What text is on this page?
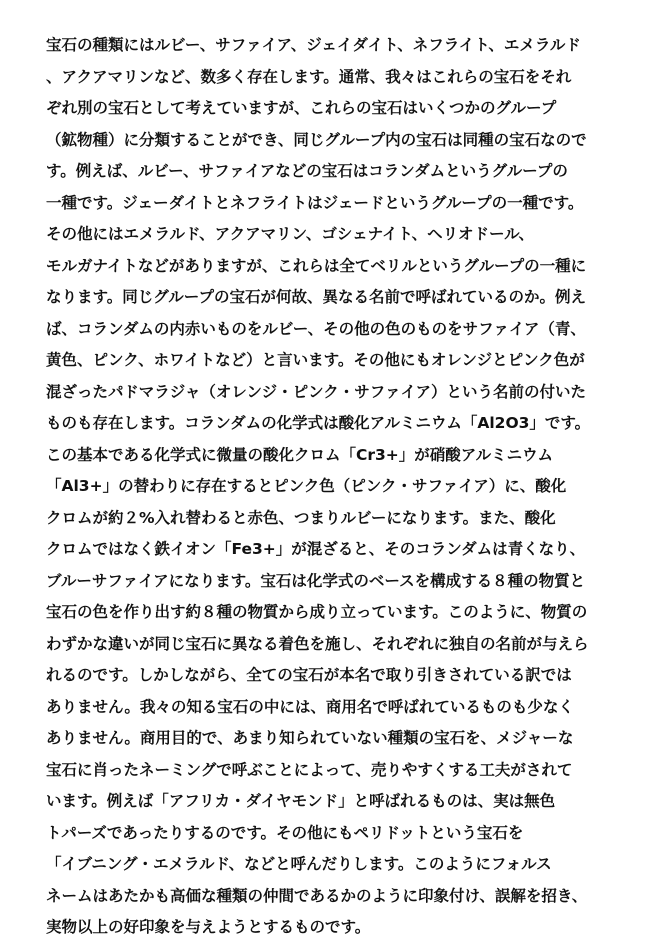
宝石の種類にはルビー、サファイア、ジェイダイト、ネフライト、エメラルド
、アクアマリンなど、数多く存在します。通常、我々はこれらの宝石をそれ
ぞれ別の宝石として考えていますが、これらの宝石はいくつかのグループ
（鉱物種）に分類することができ、同じグループ内の宝石は同種の宝石なので
す。例えば、ルビー、サファイアなどの宝石はコランダムというグループの
一種です。ジェーダイトとネフライトはジェードというグループの一種です。
その他にはエメラルド、アクアマリン、ゴシェナイト、ヘリオドール、
モルガナイトなどがありますが、これらは全てベリルというグループの一種に
なります。同じグループの宝石が何故、異なる名前で呼ばれているのか。例え
ば、コランダムの内赤いものをルビー、その他の色のものをサファイア（青、
黄色、ピンク、ホワイトなど）と言います。その他にもオレンジとピンク色が
混ざったパドマラジャ（オレンジ・ピンク・サファイア）という名前の付いた
ものも存在します。コランダムの化学式は酸化アルミニウム「Al2O3」です。
この基本である化学式に微量の酸化クロム「Cr3+」が硝酸アルミニウム
「Al3+」の替わりに存在するとピンク色（ピンク・サファイア）に、酸化
クロムが約２%入れ替わると赤色、つまりルビーになります。また、酸化
クロムではなく鉄イオン「Fe3+」が混ざると、そのコランダムは青くなり、
ブルーサファイアになります。宝石は化学式のベースを構成する８種の物質と
宝石の色を作り出す約８種の物質から成り立っています。このように、物質の
わずかな違いが同じ宝石に異なる着色を施し、それぞれに独自の名前が与えら
れるのです。しかしながら、全ての宝石が本名で取り引きされている訳では
ありません。我々の知る宝石の中には、商用名で呼ばれているものも少なく
ありません。商用目的で、あまり知られていない種類の宝石を、メジャーな
宝石に肖ったネーミングで呼ぶことによって、売りやすくする工夫がされて
います。例えば「アフリカ・ダイヤモンド」と呼ばれるものは、実は無色
トパーズであったりするのです。その他にもペリドットという宝石を
「イブニング・エメラルド、などと呼んだりします。このようにフォルス
ネームはあたかも高価な種類の仲間であるかのように印象付け、誤解を招き、
実物以上の好印象を与えようとするものです。
